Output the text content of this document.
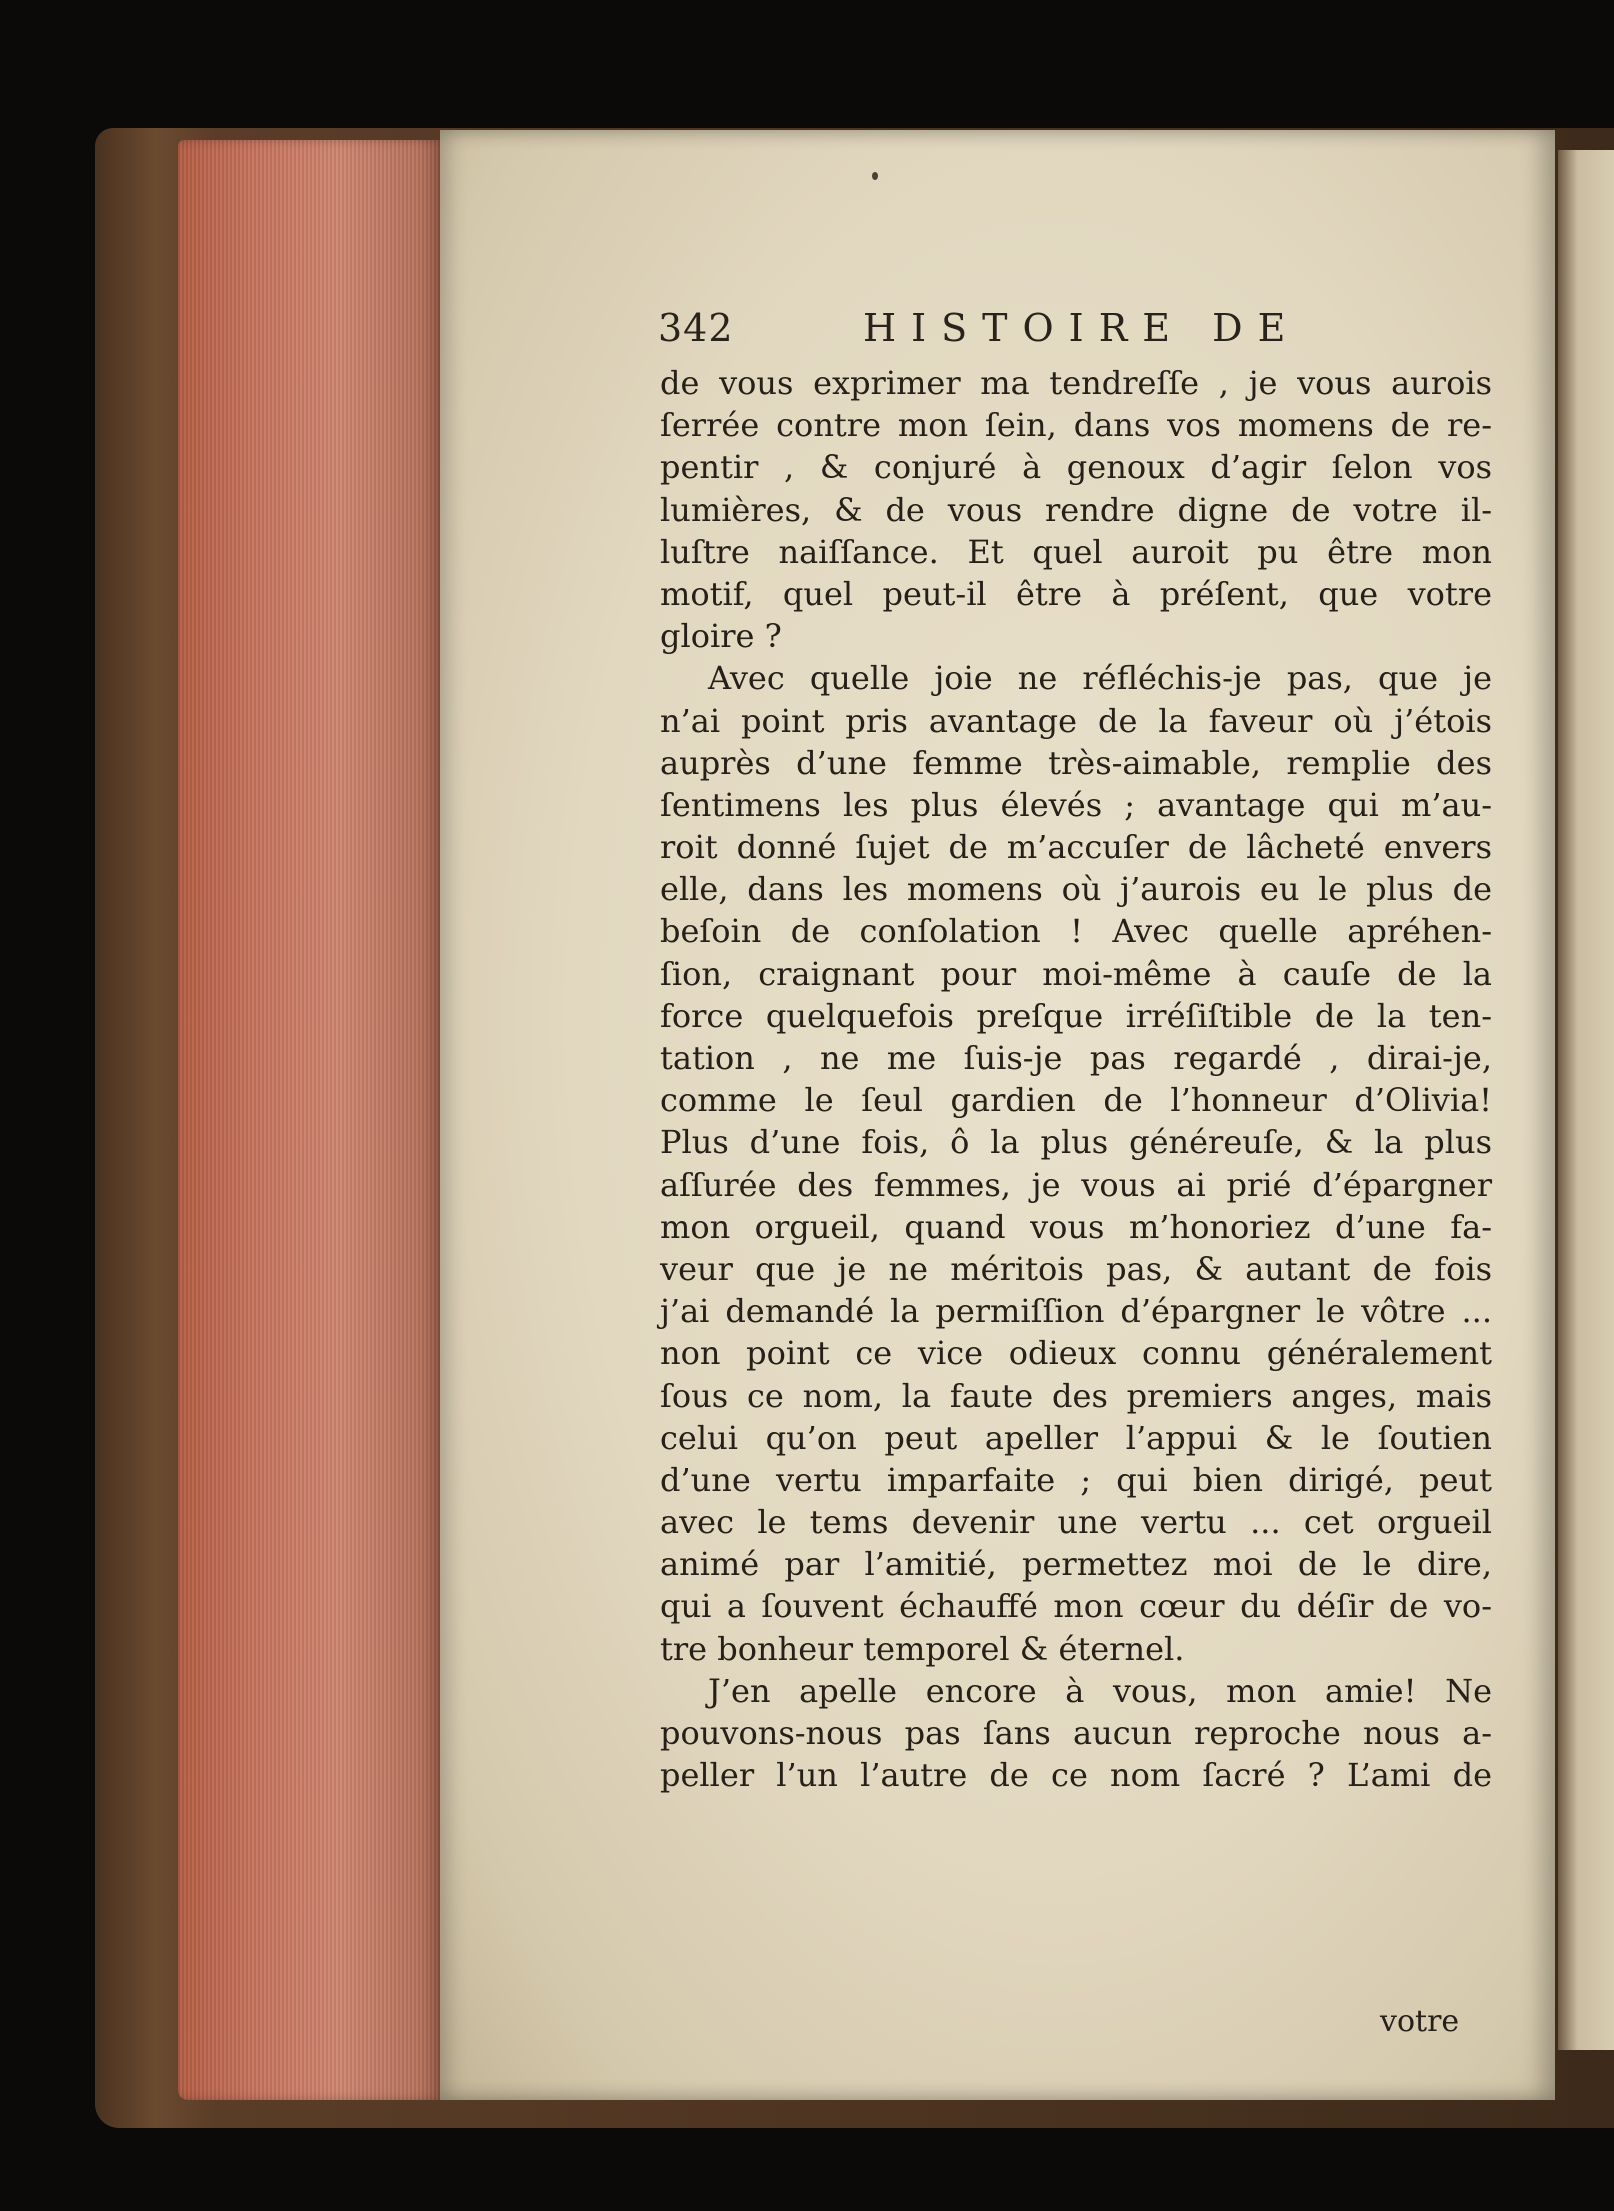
342	HISTOIRE DE
de vous exprimer ma tendreſſe , je vous aurois
ſerrée contre mon ſein, dans vos momens de re-
pentir , & conjuré à genoux d’agir ſelon vos
lumières, & de vous rendre digne de votre il-
luſtre naiſſance. Et quel auroit pu être mon
motif, quel peut-il être à préſent, que votre
gloire ?
Avec quelle joie ne réfléchis-je pas, que je
n’ai point pris avantage de la faveur où j’étois
auprès d’une femme très-aimable, remplie des
ſentimens les plus élevés ; avantage qui m’au-
roit donné ſujet de m’accuſer de lâcheté envers
elle, dans les momens où j’aurois eu le plus de
beſoin de conſolation ! Avec quelle apréhen-
ſion, craignant pour moi-même à cauſe de la
force quelquefois preſque irréſiſtible de la ten-
tation , ne me ſuis-je pas regardé , dirai-je,
comme le ſeul gardien de l’honneur d’Olivia!
Plus d’une fois, ô la plus généreuſe, & la plus
aſſurée des femmes, je vous ai prié d’épargner
mon orgueil, quand vous m’honoriez d’une fa-
veur que je ne méritois pas, & autant de fois
j’ai demandé la permiſſion d’épargner le vôtre ...
non point ce vice odieux connu généralement
ſous ce nom, la faute des premiers anges, mais
celui qu’on peut apeller l’appui & le ſoutien
d’une vertu imparfaite ; qui bien dirigé, peut
avec le tems devenir une vertu ... cet orgueil
animé par l’amitié, permettez moi de le dire,
qui a ſouvent échauffé mon cœur du déſir de vo-
tre bonheur temporel & éternel.
J’en apelle encore à vous, mon amie! Ne
pouvons-nous pas ſans aucun reproche nous a-
peller l’un l’autre de ce nom ſacré ? L’ami de
votre
